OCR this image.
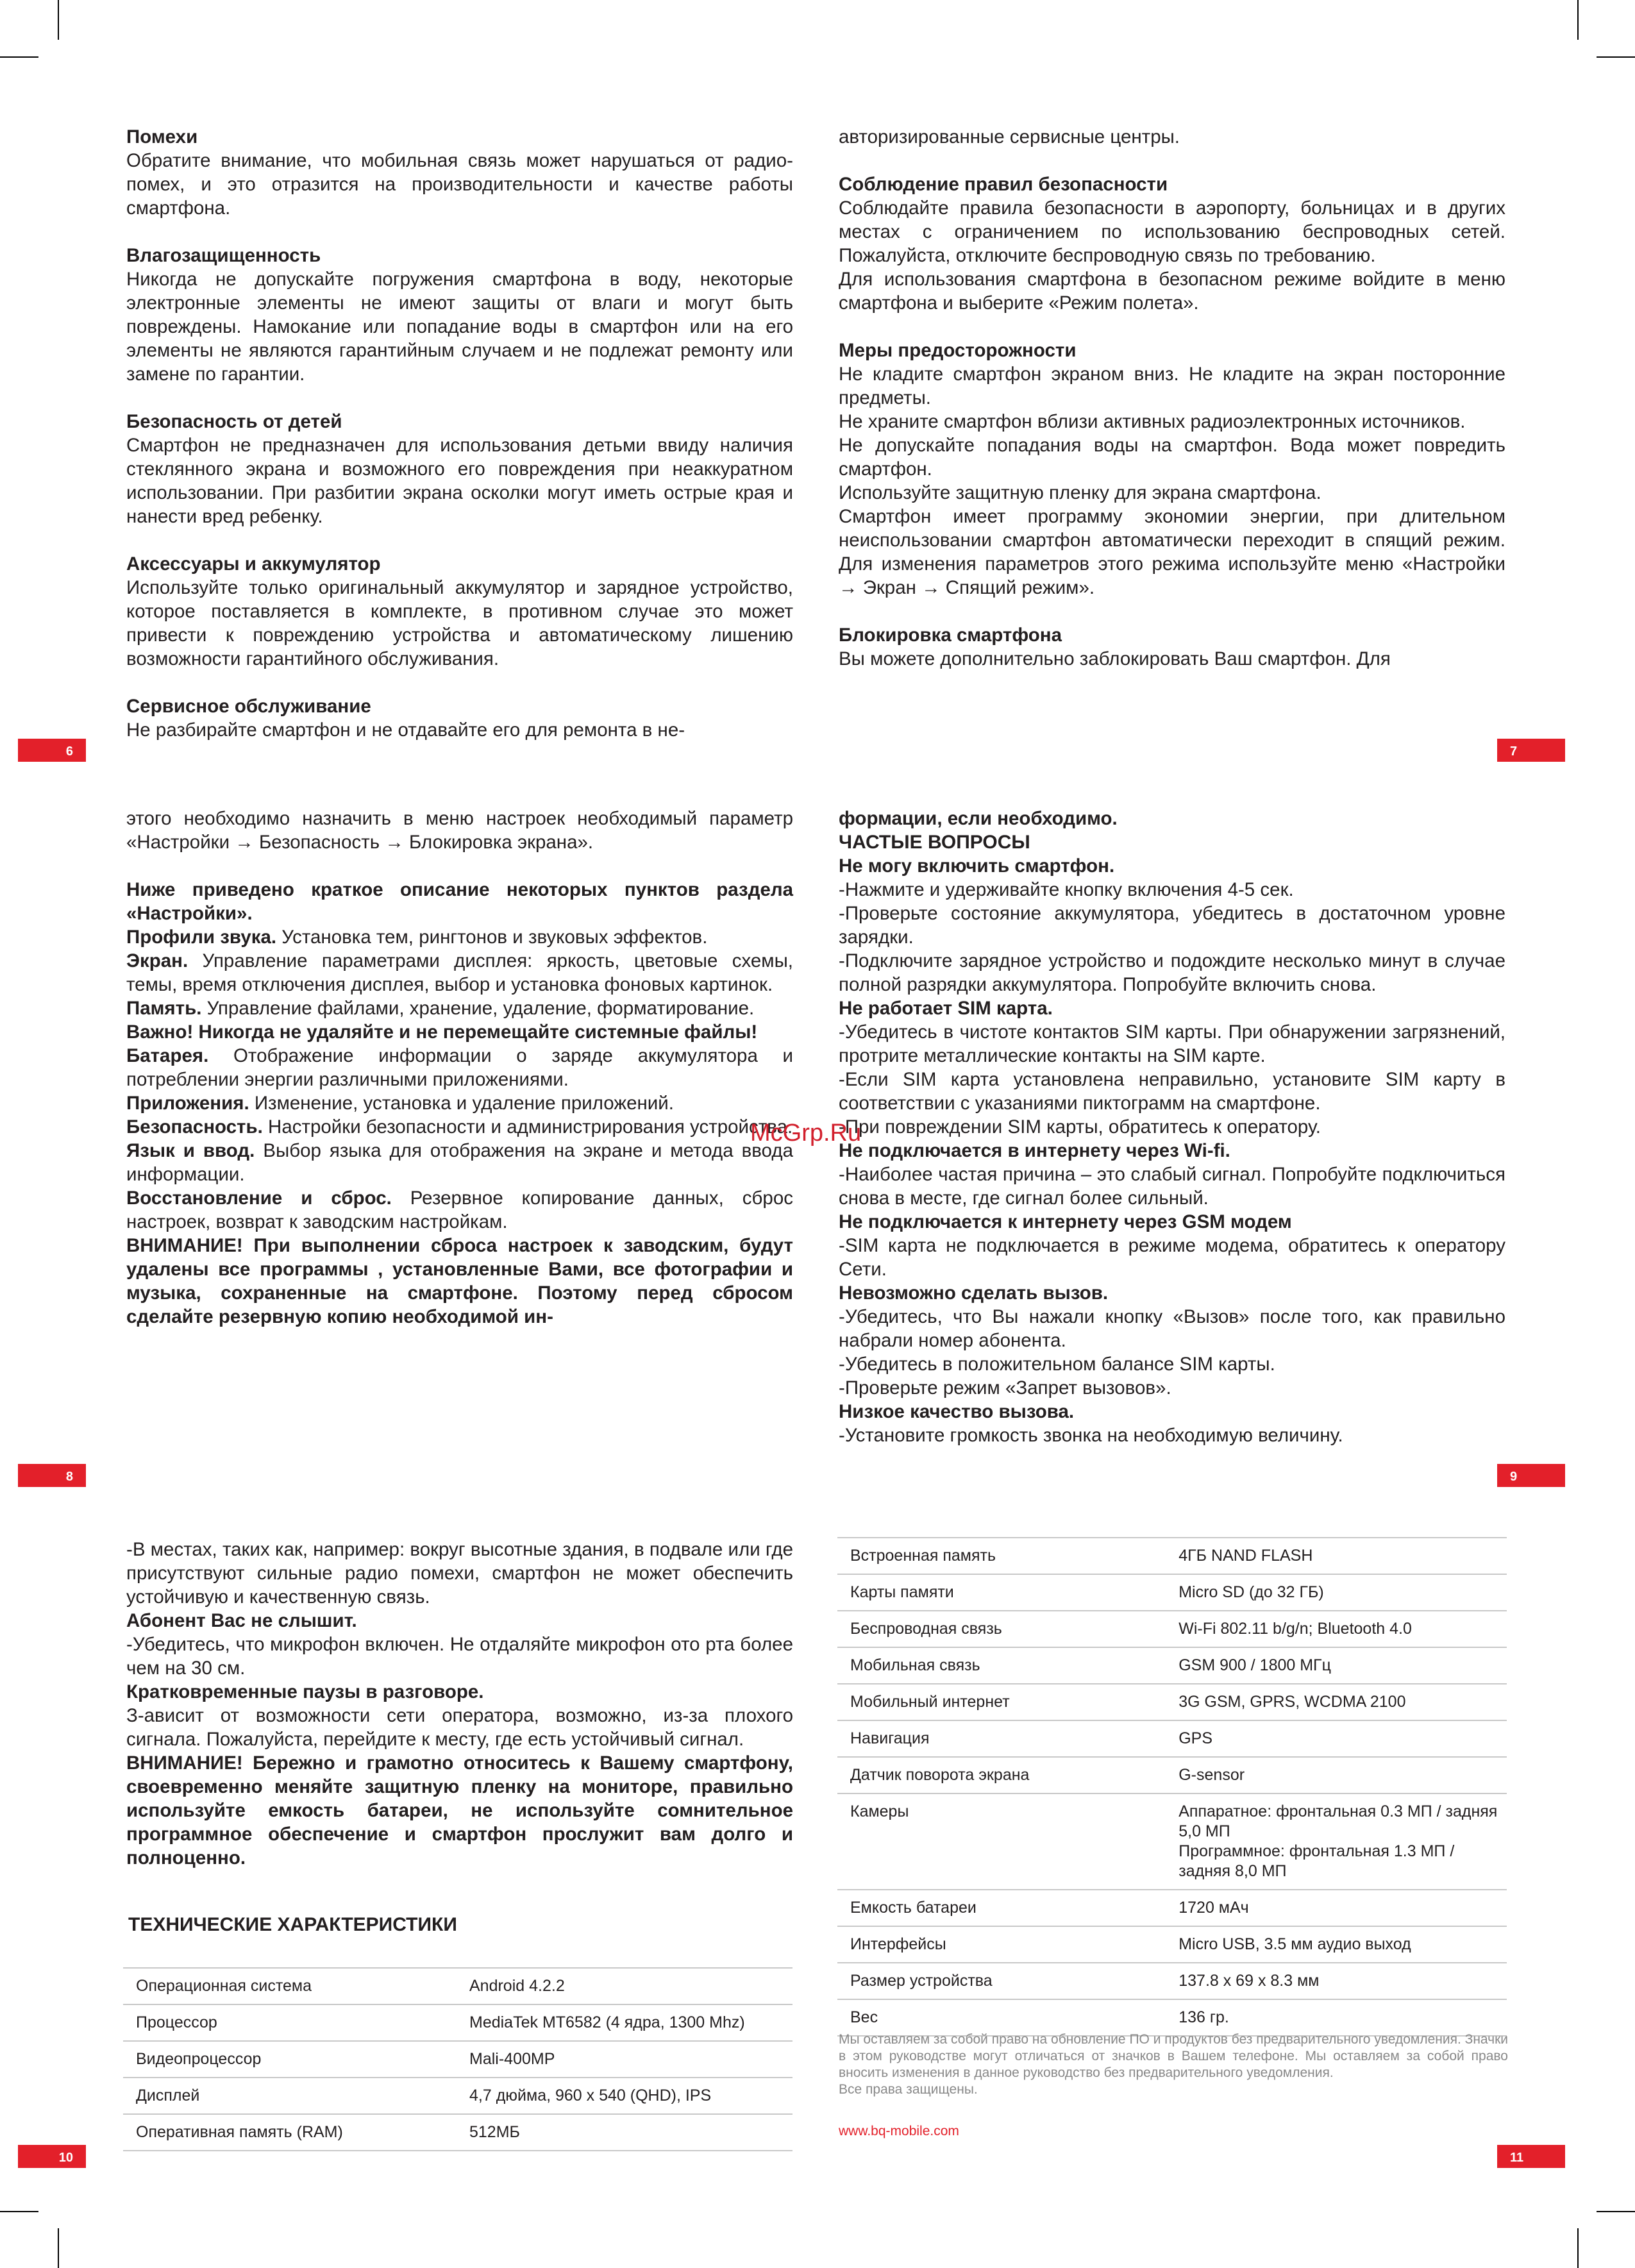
Помехи

Обратите внимание, что мобильная связь может нарушаться от радио- помех, и это отразится на производительности и качестве работы смартфона.

Влагозащищенность

Никогда не допускайте погружения смартфона в воду, некоторые электронные элементы не имеют защиты от влаги и могут быть повреждены. Намокание или попадание воды в смартфон или на его элементы не являются гарантийным случаем и не подлежат ремонту или замене по гарантии.

Безопасность от детей

Смартфон не предназначен для использования детьми ввиду наличия стеклянного экрана и возможного его повреждения при неаккуратном использовании. При разбитии экрана осколки могут иметь острые края и нанести вред ребенку.

Аксессуары и аккумулятор

Используйте только оригинальный аккумулятор и зарядное устройство, которое поставляется в комплекте, в противном случае это может привести к повреждению устройства и автоматическому лишению возможности гарантийного обслуживания.

Сервисное обслуживание

Не разбирайте смартфон и не отдавайте его для ремонта в не-

6

авторизированные сервисные центры.

Соблюдение правил безопасности

Соблюдайте правила безопасности в аэропорту, больницах и в других местах с ограничением по использованию беспроводных сетей. Пожалуйста, отключите беспроводную связь по требованию.

Для использования смартфона в безопасном режиме войдите в меню смартфона и выберите «Режим полета».

Меры предосторожности

Не кладите смартфон экраном вниз. Не кладите на экран посторонние предметы.

Не храните смартфон вблизи активных радиоэлектронных источников.

Не допускайте попадания воды на смартфон. Вода может повредить смартфон.

Используйте защитную пленку для экрана смартфона.

Смартфон имеет программу экономии энергии, при длительном неиспользовании смартфон автоматически переходит в спящий режим. Для изменения параметров этого режима используйте меню «Настройки → Экран → Спящий режим».

Блокировка смартфона

Вы можете дополнительно заблокировать Ваш смартфон. Для

7

этого необходимо назначить в меню настроек необходимый параметр «Настройки → Безопасность → Блокировка экрана».

Ниже приведено краткое описание некоторых пунктов раздела «Настройки».

Профили звука. Установка тем, рингтонов и звуковых эффектов.

Экран. Управление параметрами дисплея: яркость, цветовые схемы, темы, время отключения дисплея, выбор и установка фоновых картинок.

Память. Управление файлами, хранение, удаление, форматирование.

Важно! Никогда не удаляйте и не перемещайте системные файлы!

Батарея. Отображение информации о заряде аккумулятора и потреблении энергии различными приложениями.

Приложения. Изменение, установка и удаление приложений.

Безопасность. Настройки безопасности и администрирования устройства.

Язык и ввод. Выбор языка для отображения на экране и метода ввода информации.

Восстановление и сброс. Резервное копирование данных, сброс настроек, возврат к заводским настройкам.

ВНИМАНИЕ! При выполнении сброса настроек к заводским, будут удалены все программы , установленные Вами, все фотографии и музыка, сохраненные на смартфоне. Поэтому перед сбросом сделайте резервную копию необходимой ин-

8

формации, если необходимо.

ЧАСТЫЕ ВОПРОСЫ

Не могу включить смартфон.

-Нажмите и удерживайте кнопку включения 4-5 сек.

-Проверьте состояние аккумулятора, убедитесь в достаточном уровне зарядки.

-Подключите зарядное устройство и подождите несколько минут в случае полной разрядки аккумулятора. Попробуйте включить снова.

Не работает SIM карта.

-Убедитесь в чистоте контактов SIM карты. При обнаружении загрязнений, протрите металлические контакты на SIM карте.

-Если SIM карта установлена неправильно, установите SIM карту в соответствии с указаниями пиктограмм на смартфоне.

-При повреждении SIM карты, обратитесь к оператору.

Не подключается в интернету через Wi-fi.

-Наиболее частая причина – это слабый сигнал. Попробуйте подключиться снова в месте, где сигнал более сильный.

Не подключается к интернету через GSM модем

-SIM карта не подключается в режиме модема, обратитесь к оператору Сети.

Невозможно сделать вызов.

-Убедитесь, что Вы нажали кнопку «Вызов» после того, как правильно набрали номер абонента.

-Убедитесь в положительном балансе SIM карты.

-Проверьте режим «Запрет вызовов».

Низкое качество вызова.

-Установите громкость звонка на необходимую величину.

9
McGrp.Ru

-В местах, таких как, например: вокруг высотные здания, в подвале или где присутствуют сильные радио помехи, смартфон не может обеспечить устойчивую и качественную связь.

Абонент Вас не слышит.

-Убедитесь, что микрофон включен. Не отдаляйте микрофон ото рта более чем на 30 см.

Кратковременные паузы в разговоре.

З-ависит от возможности сети оператора, возможно, из-за плохого сигнала. Пожалуйста, перейдите к месту, где есть устойчивый сигнал.

ВНИМАНИЕ! Бережно и грамотно относитесь к Вашему смартфону, своевременно меняйте защитную пленку на мониторе, правильно используйте емкость батареи, не используйте сомнительное программное обеспечение и смартфон прослужит вам долго и полноценно.

ТЕХНИЧЕСКИЕ ХАРАКТЕРИСТИКИ
Операционная система	Android 4.2.2
Процессор	MediaTek MT6582 (4 ядра, 1300 Mhz)
Видеопроцессор	Mali-400MP
Дисплей	4,7 дюйма, 960 x 540 (QHD), IPS
Оперативная память (RAM)	512МБ
10
Встроенная память	4ГБ NAND FLASH
Карты памяти	Micro SD (до 32 ГБ)
Беспроводная связь	Wi-Fi 802.11 b/g/n; Bluetooth 4.0
Мобильная связь	GSM 900 / 1800 МГц
Мобильный интернет	3G GSM, GPRS, WCDMA 2100
Навигация	GPS
Датчик поворота экрана	G-sensor
Камеры	Аппаратное: фронтальная 0.3 МП / задняя 5,0 МП
Программное: фронтальная 1.3 МП / задняя 8,0 МП
Емкость батареи	1720 мАч
Интерфейсы	Micro USB, 3.5 мм аудио выход
Размер устройства	137.8 x 69 x 8.3 мм
Вес	136 гр.
Мы оставляем за собой право на обновление ПО и продуктов без предварительного уведомления. Значки в этом руководстве могут отличаться от значков в Вашем телефоне. Мы оставляем за собой право вносить изменения в данное руководство без предварительного уведомления.
Все права защищены.
www.bq-mobile.com
11
